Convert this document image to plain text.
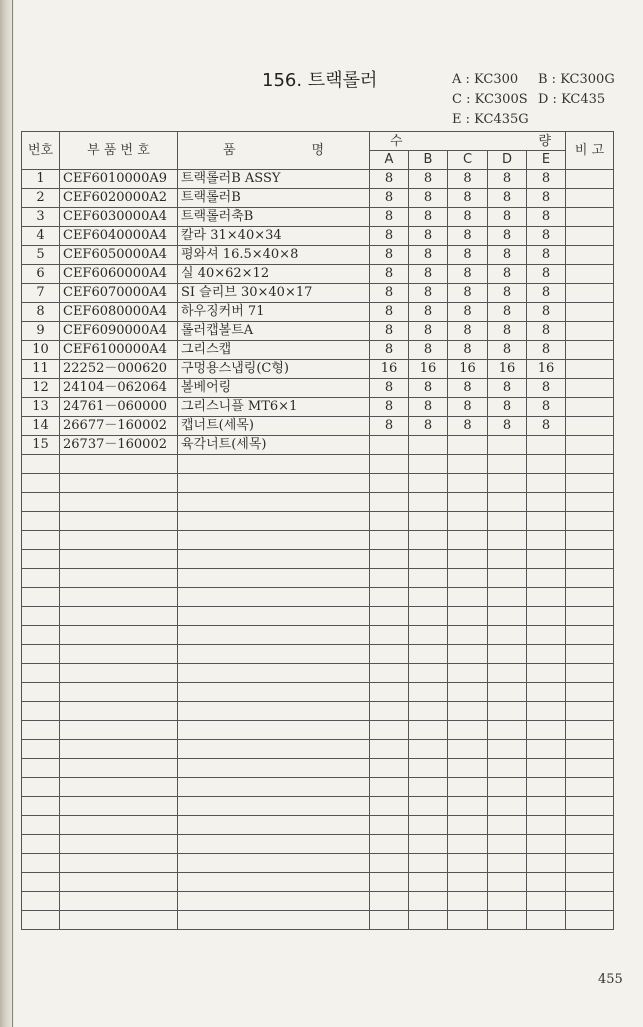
156. 트랙롤러	A : KC300	B : KC300G
C : KC300S D : KC435
E : KC435G
번호	부 품 번 호	품 명	수 량					비 고
			A	B	C	D	E	
1	CEF6010000A9	트랙롤러B ASSY	8	8	8	8	8	
2	CEF6020000A2	트랙롤러B	8	8	8	8	8	
3	CEF6030000A4	트랙롤러축B	8	8	8	8	8	
4	CEF6040000A4	칼라 31×40×34	8	8	8	8	8	
5	CEF6050000A4	평와셔 16.5×40×8	8	8	8	8	8	
6	CEF6060000A4	실 40×62×12	8	8	8	8	8	
7	CEF6070000A4	SI 슬리브 30×40×17	8	8	8	8	8	
8	CEF6080000A4	하우징커버 71	8	8	8	8	8	
9	CEF6090000A4	롤러캡볼트A	8	8	8	8	8	
10	CEF6100000A4	그리스캡	8	8	8	8	8	
11	22252－000620	구멍용스냅링(C형)	16	16	16	16	16	
12	24104－062064	볼베어링	8	8	8	8	8	
13	24761－060000	그리스니플 MT6×1	8	8	8	8	8	
14	26677－160002	캡너트(세목)	8	8	8	8	8	
15	26737－160002	육각너트(세목)						

455
